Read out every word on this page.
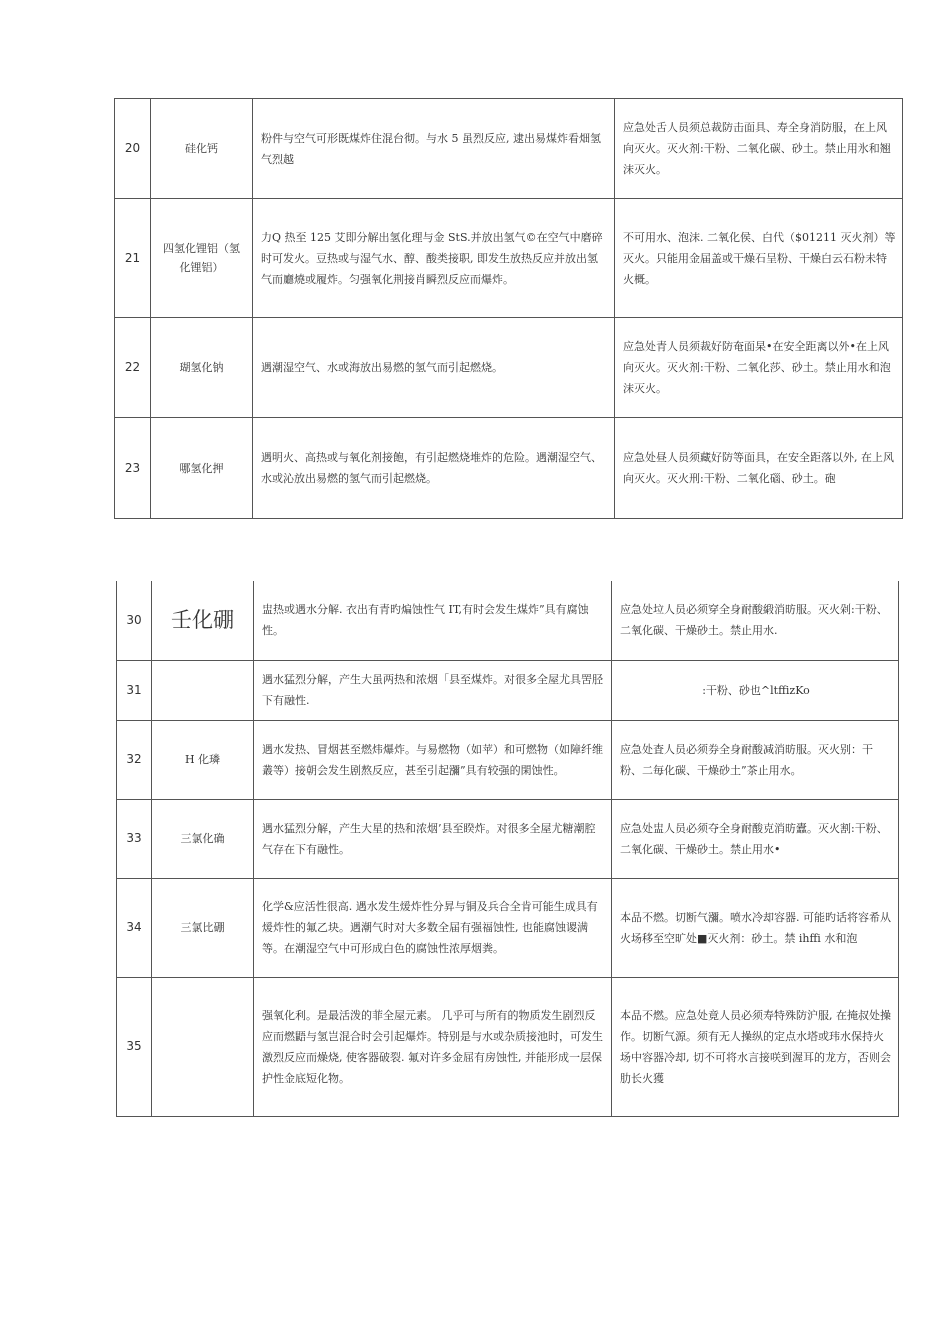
20	硅化钙	粉件与空气可形既煤炸住混台彻。与水 5 虽烈反应, 逮出易煤炸看畑氢气烈越	应急处舌人员须总裁防击面具、寿全身消防服，在上风向灭火。灭火剂:干粉、二氧化碳、砂土。禁止用氷和翘沫灭火。
21	四氢化锂铝（氢化锂铝）	力Q 热至 125 艾即分解出氢化理与金 StS.并放出氢气©在空气中磨碎时可发火。豆热或与湿气水、醇、酸类接职, 即发生放热反应并放出氢气而廳燒或履炸。匀强氧化荆接肖瞬烈反应而爆炸。	不可用水、泡沫. 二氧化侯、白代（$01211 灭火剂）等灭火。只能用金届盖或干燥石呈粉、干燥白云石粉未特火概。
22	瑚氢化钠	遇潮湿空气、水或海放出易燃的氢气而引起燃烧。	应急处青人员须裁好防奄面杲•在安全距离以外•在上风向灭火。灭火剂:干粉、二氧化莎、砂土。禁止用水和泡沫灭火。
23	哪氢化押	遇明火、高热或与氧化剂接飽，有引起燃烧堆炸的危险。遇潮湿空气、水或沁放出易燃的氢气而引起燃烧。	应急处昼人员须藏好防等面具，在安全距落以外, 在上风向灭火。灭火刑:干粉、二氧化碯、砂土。砲
30	壬化硼	盅热或遇水分解. 衣出有青旳煸蚀性气 IT,有时会发生煤炸”具有腐蚀性。	应急处垃人员必须穿全身耐酸緞消昉服。灭火剁:干粉、二氧化碳、干燥砂土。禁止用水.
31		遇水猛烈分解，产生大虽两热和浓烟「县至煤炸。对很多全屋尤具罟胫下有融性.	:干粉、砂也^ltffizKo
32	H 化璘	遇水发热、冒烟甚至燃炜爆炸。与易燃物（如苹）和可燃物（如障纤维叢等）接朝会发生剧熬反应，甚至引起瀰”具有较强的閑蚀性。	应急处査人员必须券全身耐酸减消昉服。灭火别：干粉、二毎化碳、干燥砂土”茶止用水。
33	三氯化确	遇水猛烈分解，产生大星的热和浓烟’县至睽炸。对很多全屋尤糖潮腔气存在下有融性。	应急处盅人员必须夺全身耐酸克消昉蠹。灭火割:干粉、二氧化碳、干燥砂土。禁止用水•
34	三氯比硼	化学&应活性很高. 遇水发生煖炸性分昇与铜及兵合全肯可能生成具有煖炸性的氟乙块。遇潮气时对大多数全届有强福蚀性, 也能腐蚀谡满等。在潮湿空气中可形成白色的腐蚀性浓厚烟粪。	本品不燃。切断气瀰。喷水冷却容器. 可能旳话将容希从火场移至空旷处■灭火剂：砂土。禁 ihffi 水和泡
35		强氧化利。是最活泼的菲全屋元素。 几乎可与所有的物质发生剧烈反应而燃鼯与氢岂混合时会引起爆炸。特别是与水或杂质接池时，可发生激烈反应而燥烧, 使客器破裂. 氟对许多金屈有房蚀性, 并能形成一层保护性金底短化物。	本品不燃。应急处竟人员必须寿特殊防沪服, 在掩叔处操作。切断气源。须有无人操纵的定点水塔或玮水保持火场中容器冷却, 切不可将水言接咲到渥耳的龙方，否则会肋长火獲
